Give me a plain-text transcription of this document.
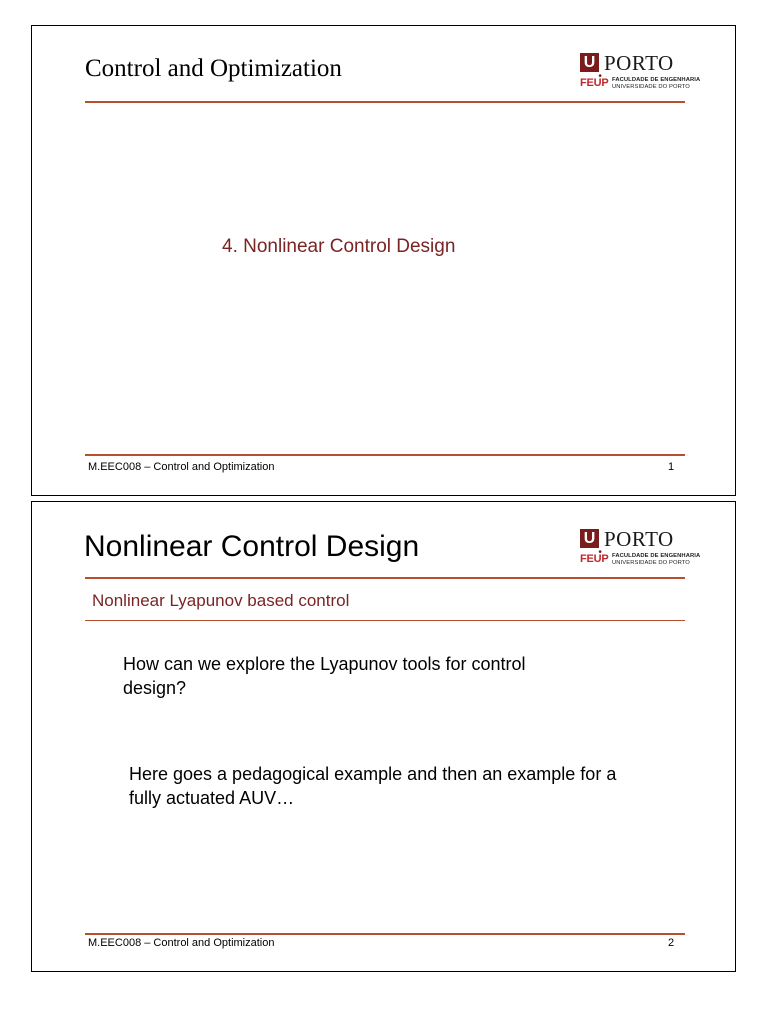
Control and Optimization	U . PORTO
FEUP FACULDADE DE ENGENHARIA
UNIVERSIDADE DO PORTO
4. Nonlinear Control Design
M.EEC008 – Control and Optimization	1
Nonlinear Control Design	U . PORTO
FEUP FACULDADE DE ENGENHARIA
UNIVERSIDADE DO PORTO
Nonlinear Lyapunov based control
How can we explore the Lyapunov tools for control design?
Here goes a pedagogical example and then an example for a fully actuated AUV…
M.EEC008 – Control and Optimization	2
